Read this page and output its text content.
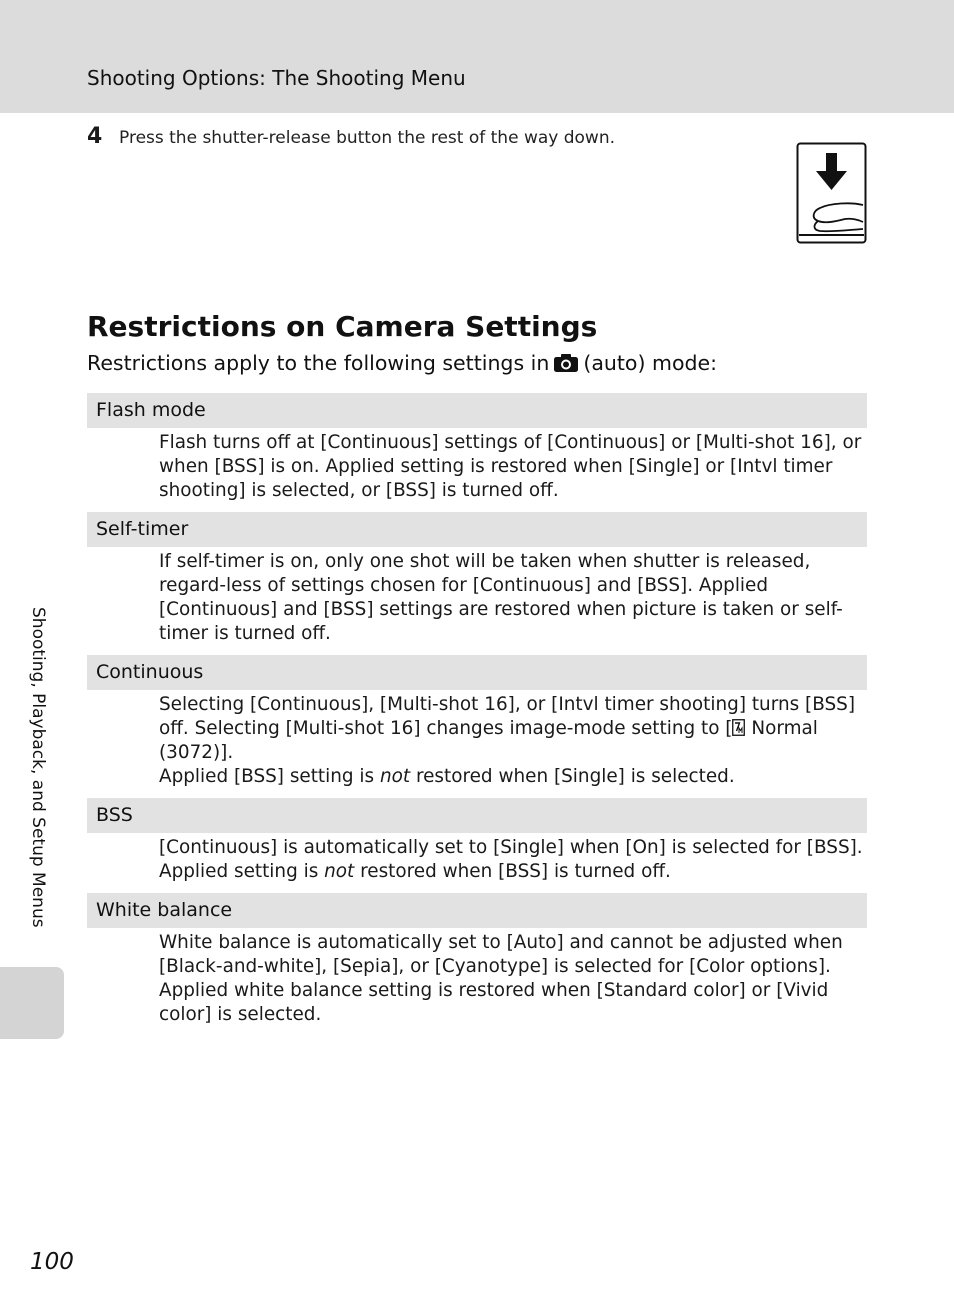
Shooting Options: The Shooting Menu
4 Press the shutter-release button the rest of the way down.
Restrictions on Camera Settings
Restrictions apply to the following settings in (auto) mode:
Flash mode

Flash turns off at [Continuous] settings of [Continuous] or [Multi-shot 16], or when [BSS] is on. Applied setting is restored when [Single] or [Intvl timer shooting] is selected, or [BSS] is turned off.

Self-timer

If self-timer is on, only one shot will be taken when shutter is released, regard-less of settings chosen for [Continuous] and [BSS]. Applied [Continuous] and [BSS] settings are restored when picture is taken or self-timer is turned off.

Continuous

Selecting [Continuous], [Multi-shot 16], or [Intvl timer shooting] turns [BSS] off. Selecting [Multi-shot 16] changes image-mode setting to [ Normal (3072)].

Applied [BSS] setting is not restored when [Single] is selected.

BSS

[Continuous] is automatically set to [Single] when [On] is selected for [BSS].

Applied setting is not restored when [BSS] is turned off.

White balance

White balance is automatically set to [Auto] and cannot be adjusted when [Black-and-white], [Sepia], or [Cyanotype] is selected for [Color options]. Applied white balance setting is restored when [Standard color] or [Vivid color] is selected.

Shooting, Playback, and Setup Menus
100
